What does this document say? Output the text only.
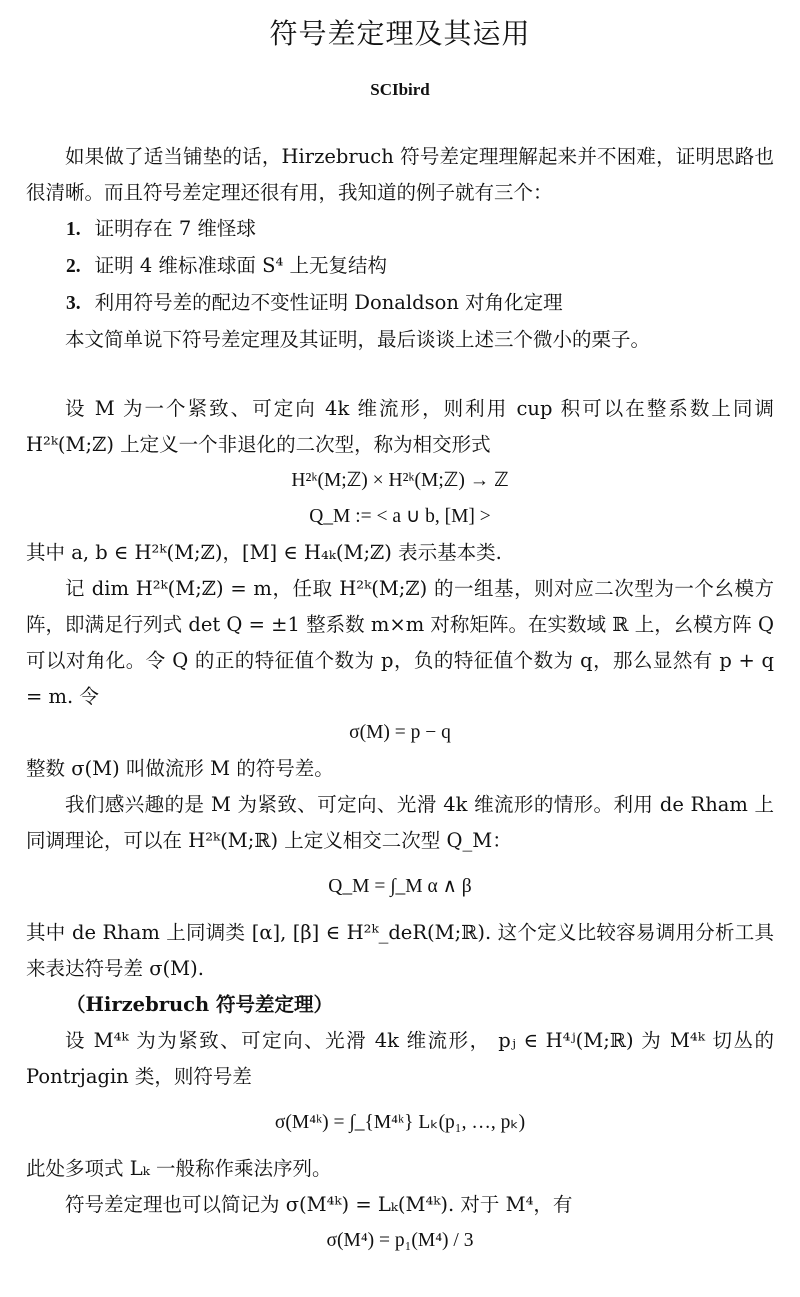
符号差定理及其运用
SCIbird

如果做了适当铺垫的话，Hirzebruch 符号差定理理解起来并不困难，证明思路也很清晰。而且符号差定理还很有用，我知道的例子就有三个：

1. 证明存在 7 维怪球
2. 证明 4 维标准球面 S⁴ 上无复结构
3. 利用符号差的配边不变性证明 Donaldson 对角化定理

本文简单说下符号差定理及其证明，最后谈谈上述三个微小的栗子。

设 M 为一个紧致、可定向 4k 维流形，则利用 cup 积可以在整系数上同调 H²ᵏ(M;ℤ) 上定义一个非退化的二次型，称为相交形式

H²ᵏ(M;ℤ) × H²ᵏ(M;ℤ) → ℤ

Q_M := < a ∪ b, [M] >

其中 a, b ∈ H²ᵏ(M;ℤ)，[M] ∈ H₄ₖ(M;ℤ) 表示基本类.

记 dim H²ᵏ(M;ℤ) = m，任取 H²ᵏ(M;ℤ) 的一组基，则对应二次型为一个幺模方阵，即满足行列式 det Q = ±1 整系数 m×m 对称矩阵。在实数域 ℝ 上，幺模方阵 Q 可以对角化。令 Q 的正的特征值个数为 p，负的特征值个数为 q，那么显然有 p + q = m. 令

σ(M) = p − q

整数 σ(M) 叫做流形 M 的符号差。

我们感兴趣的是 M 为紧致、可定向、光滑 4k 维流形的情形。利用 de Rham 上同调理论，可以在 H²ᵏ(M;ℝ) 上定义相交二次型 Q_M：

Q_M = ∫_M α ∧ β

其中 de Rham 上同调类 [α], [β] ∈ H²ᵏ_deR(M;ℝ). 这个定义比较容易调用分析工具来表达符号差 σ(M).

（Hirzebruch 符号差定理）

设 M⁴ᵏ 为为紧致、可定向、光滑 4k 维流形， pⱼ ∈ H⁴ʲ(M;ℝ) 为 M⁴ᵏ 切丛的 Pontrjagin 类，则符号差

σ(M⁴ᵏ) = ∫_{M⁴ᵏ} Lₖ(p₁, …, pₖ)

此处多项式 Lₖ 一般称作乘法序列。

符号差定理也可以简记为 σ(M⁴ᵏ) = Lₖ(M⁴ᵏ). 对于 M⁴，有

σ(M⁴) = p₁(M⁴) / 3
